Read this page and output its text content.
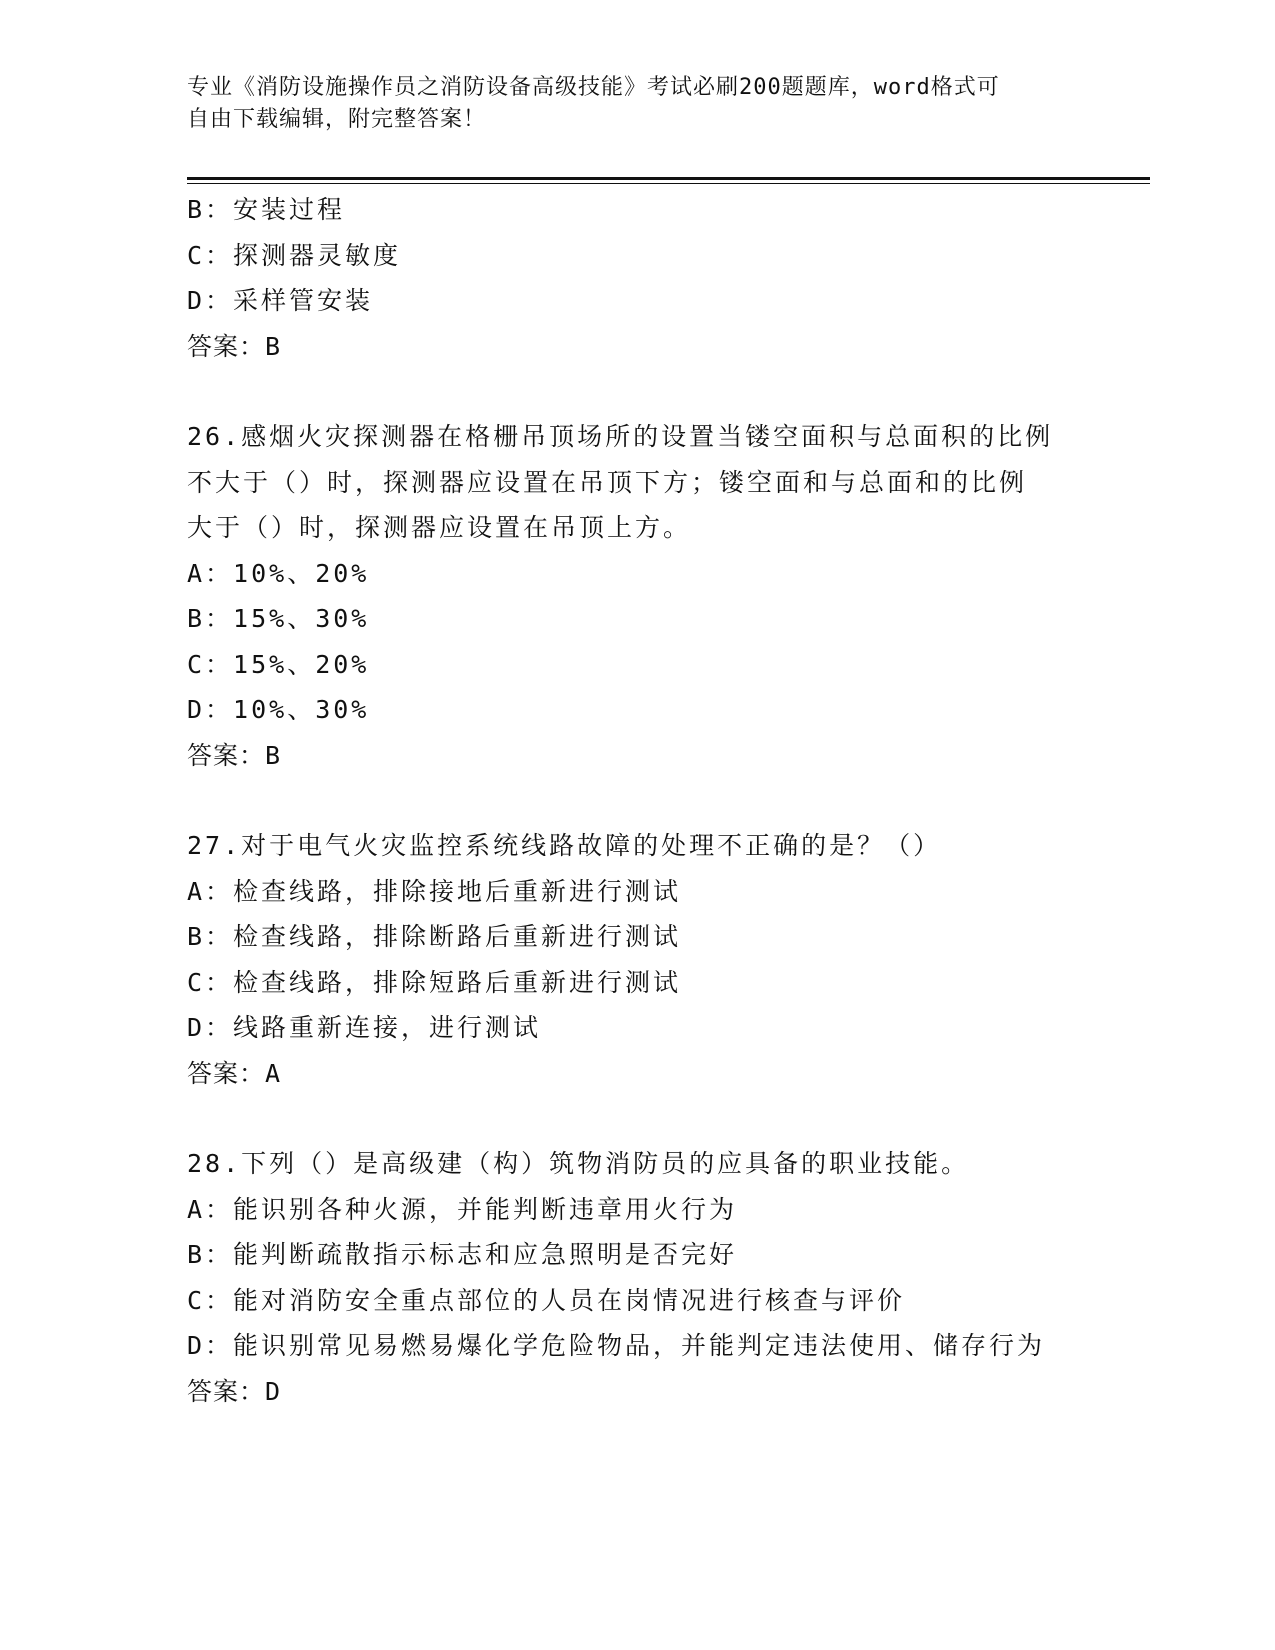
专业《消防设施操作员之消防设备高级技能》考试必刷200题题库，word格式可
自由下载编辑，附完整答案！
B：安装过程
C：探测器灵敏度
D：采样管安装
答案：B
26.感烟火灾探测器在格栅吊顶场所的设置当镂空面积与总面积的比例
不大于（）时，探测器应设置在吊顶下方；镂空面和与总面和的比例
大于（）时，探测器应设置在吊顶上方。
A：10%、20%
B：15%、30%
C：15%、20%
D：10%、30%
答案：B
27.对于电气火灾监控系统线路故障的处理不正确的是？（）
A：检查线路，排除接地后重新进行测试
B：检查线路，排除断路后重新进行测试
C：检查线路，排除短路后重新进行测试
D：线路重新连接，进行测试
答案：A
28.下列（）是高级建（构）筑物消防员的应具备的职业技能。
A：能识别各种火源，并能判断违章用火行为
B：能判断疏散指示标志和应急照明是否完好
C：能对消防安全重点部位的人员在岗情况进行核查与评价
D：能识别常见易燃易爆化学危险物品，并能判定违法使用、储存行为
答案：D
